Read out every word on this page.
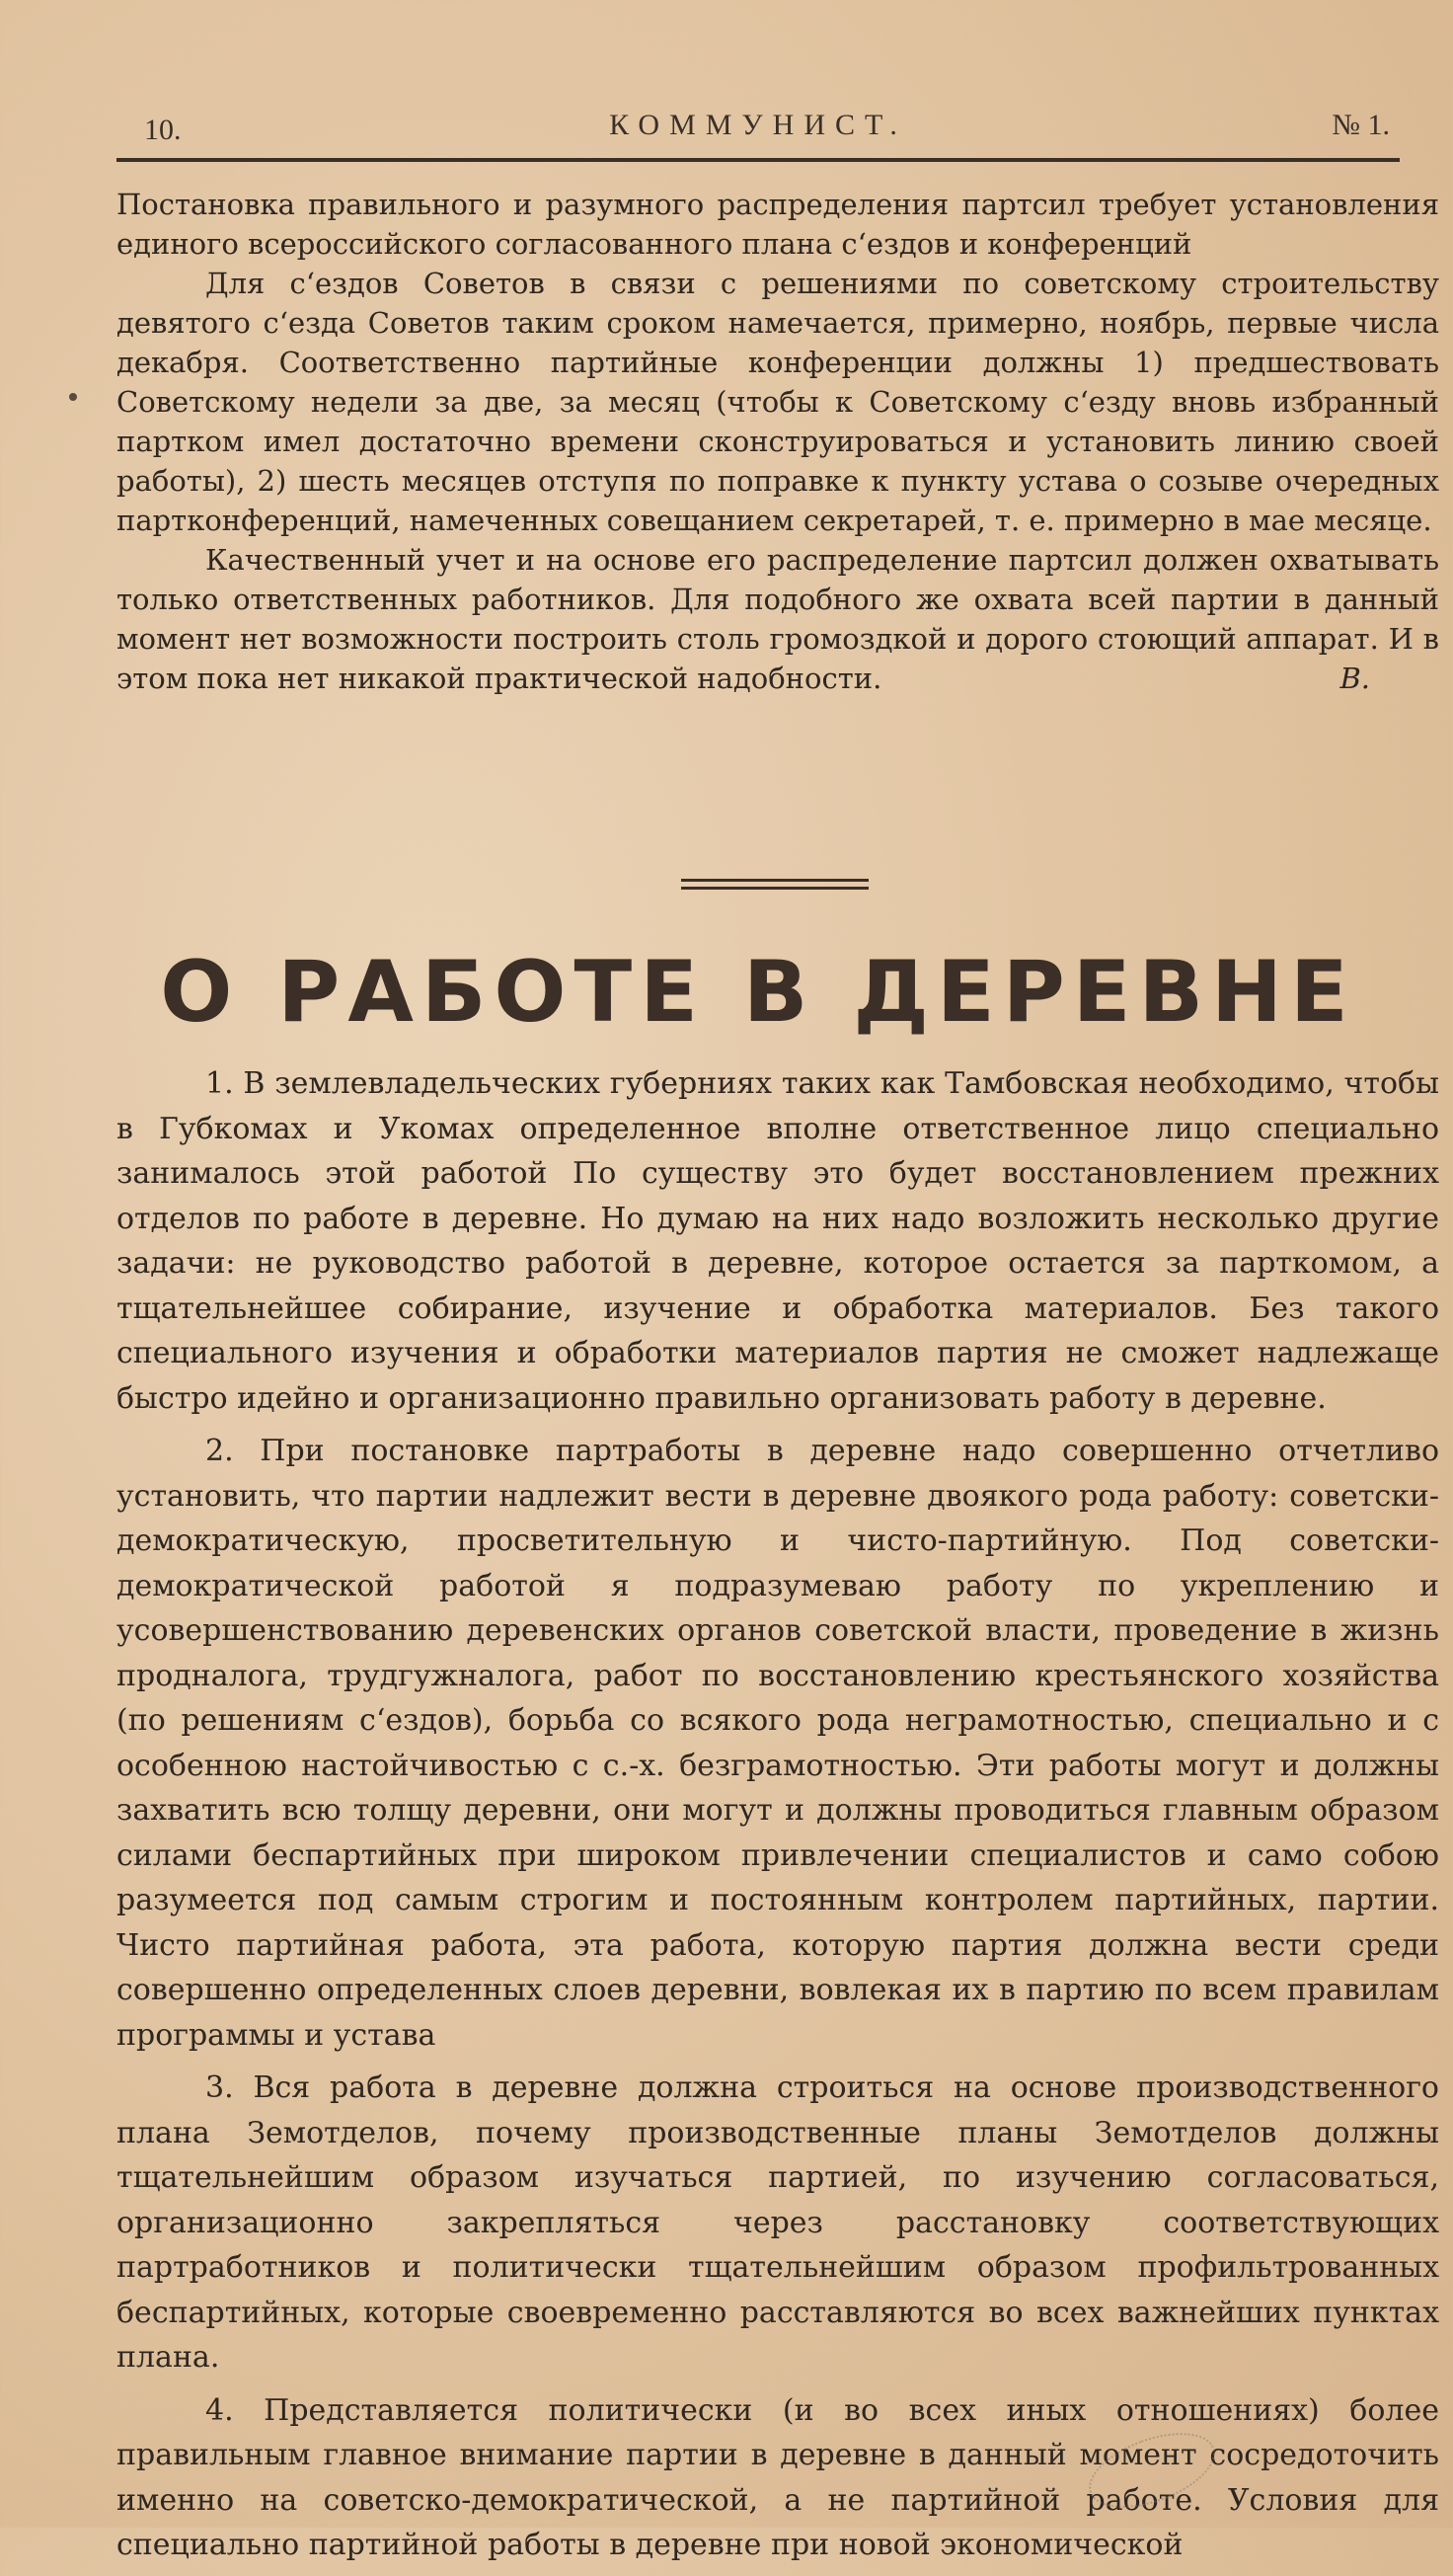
10.	КОММУНИСТ.	№ 1.

Постановка правильного и разумного распределения партсил требует установления единого всероссийского согласованного плана с‘ездов и конференций

Для с‘ездов Советов в связи с решениями по советскому строительству девятого с‘езда Советов таким сроком намечается, примерно, ноябрь, первые числа декабря. Соответственно партийные конференции должны 1) предшествовать Советскому недели за две, за месяц (чтобы к Советскому с‘езду вновь избранный партком имел достаточно времени сконструироваться и установить линию своей работы), 2) шесть месяцев отступя по поправке к пункту устава о созыве очередных партконференций, намеченных совещанием секретарей, т. е. примерно в мае месяце.

Качественный учет и на основе его распределение партсил должен охватывать только ответственных работников. Для подобного же охвата всей партии в данный момент нет возможности построить столь громоздкой и дорого стоющий аппарат. И в этом пока нет никакой практической надобности.	В.
О РАБОТЕ В ДЕРЕВНЕ

1. В землевладельческих губерниях таких как Тамбовская необходимо, чтобы в Губкомах и Укомах определенное вполне ответственное лицо специально занималось этой работой По существу это будет восстановлением прежних отделов по работе в деревне. Но думаю на них надо возложить несколько другие задачи: не руководство работой в деревне, которое остается за парткомом, а тщательнейшее собирание, изучение и обработка материалов. Без такого специального изучения и обработки материалов партия не сможет надлежаще быстро идейно и организационно правильно организовать работу в деревне.

2. При постановке партработы в деревне надо совершенно отчетливо установить, что партии надлежит вести в деревне двоякого рода работу: советски-демократическую, просветительную и чисто-партийную. Под советски-демократической работой я подразумеваю работу по укреплению и усовершенствованию деревенских органов советской власти, проведение в жизнь продналога, трудгужналога, работ по восстановлению крестьянского хозяйства (по решениям с‘ездов), борьба со всякого рода неграмотностью, специально и с особенною настойчивостью с с.-х. безграмотностью. Эти работы могут и должны захватить всю толщу деревни, они могут и должны проводиться главным образом силами беспартийных при широком привлечении специалистов и само собою разумеется под самым строгим и постоянным контролем партийных, партии. Чисто партийная работа, эта работа, которую партия должна вести среди совершенно определенных слоев деревни, вовлекая их в партию по всем правилам программы и устава

3. Вся работа в деревне должна строиться на основе производственного плана Земотделов, почему производственные планы Земотделов должны тщательнейшим образом изучаться партией, по изучению согласоваться, организационно закрепляться через расстановку соответствующих партработников и политически тщательнейшим образом профильтрованных беспартийных, которые своевременно расставляются во всех важнейших пунктах плана.

4. Представляется политически (и во всех иных отношениях) более правильным главное внимание партии в деревне в данный момент сосредоточить именно на советско-демократической, а не партийной работе. Условия для специально партийной работы в деревне при новой экономической
